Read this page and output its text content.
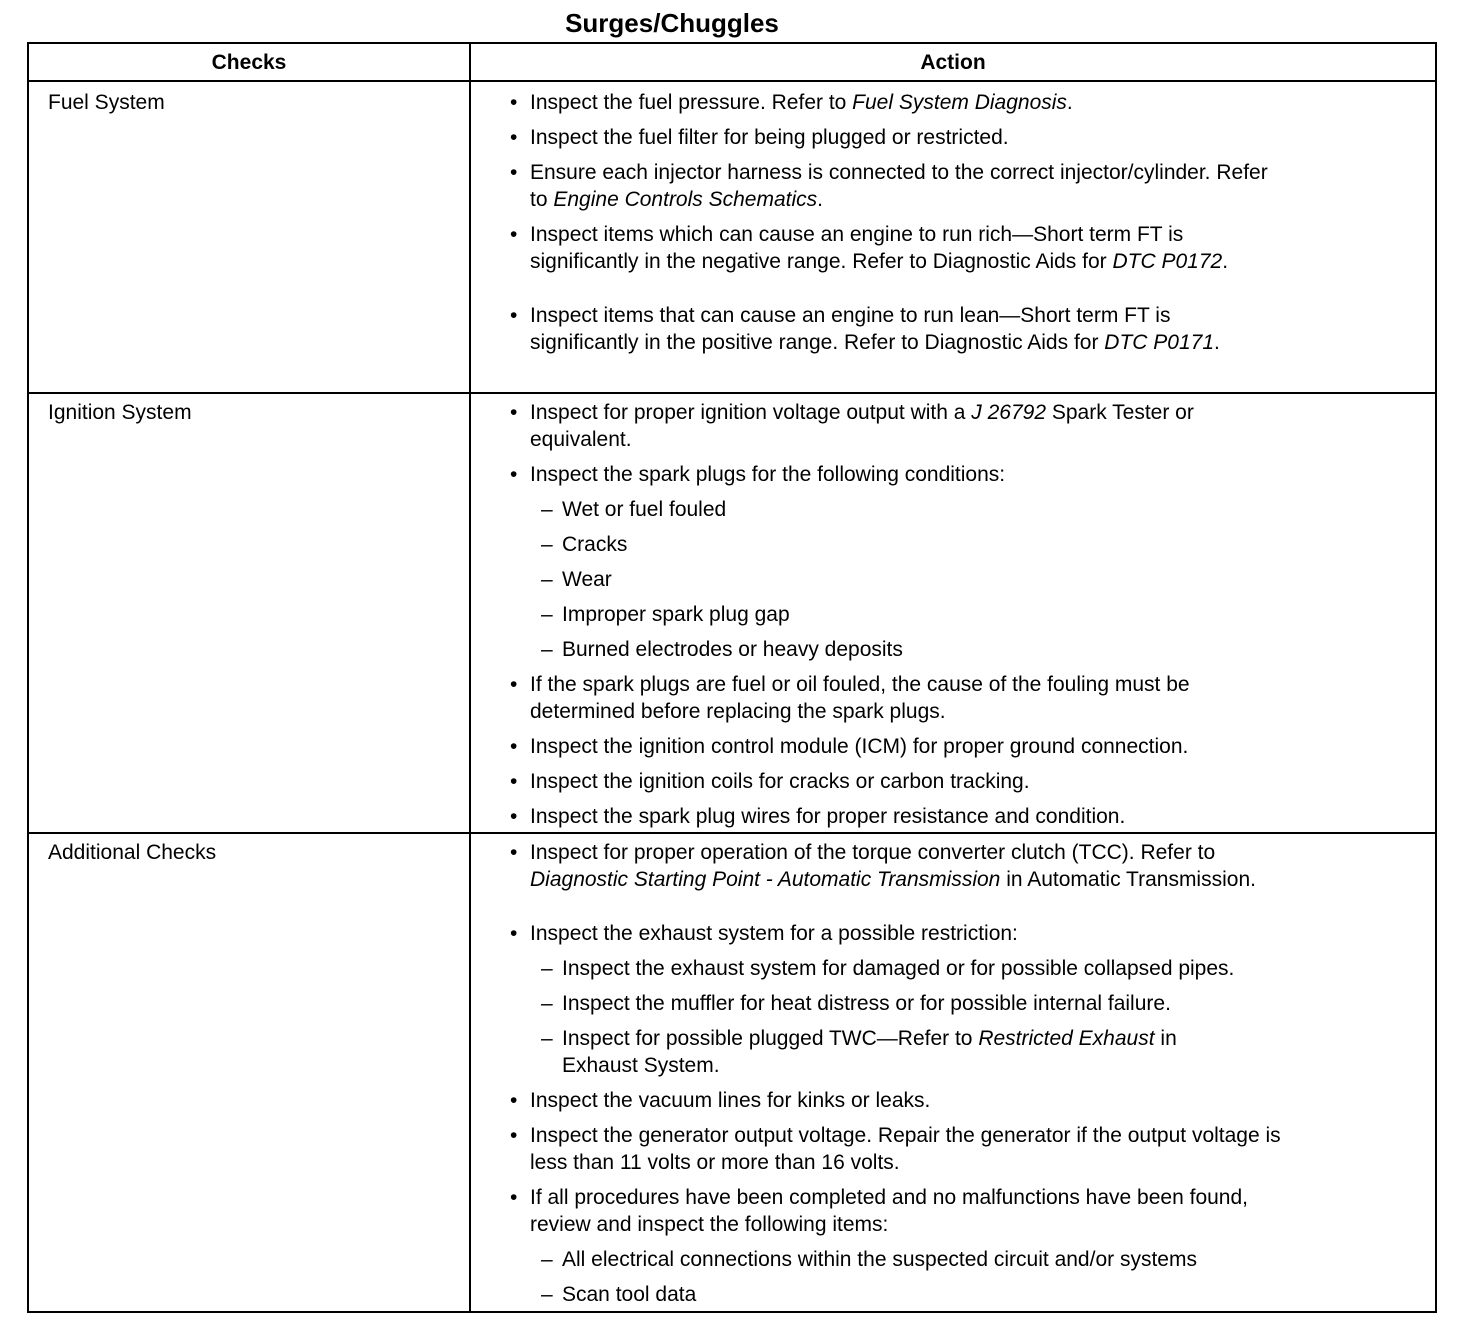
Surges/Chuggles
Checks	Action
Fuel System	• Inspect the fuel pressure. Refer to Fuel System Diagnosis.
• Inspect the fuel filter for being plugged or restricted.
• Ensure each injector harness is connected to the correct injector/cylinder. Refer
to Engine Controls Schematics.
• Inspect items which can cause an engine to run rich—Short term FT is
significantly in the negative range. Refer to Diagnostic Aids for DTC P0172.
• Inspect items that can cause an engine to run lean—Short term FT is
significantly in the positive range. Refer to Diagnostic Aids for DTC P0171.
Ignition System	• Inspect for proper ignition voltage output with a J 26792 Spark Tester or
equivalent.
• Inspect the spark plugs for the following conditions:
– Wet or fuel fouled
– Cracks
– Wear
– Improper spark plug gap
– Burned electrodes or heavy deposits
• If the spark plugs are fuel or oil fouled, the cause of the fouling must be
determined before replacing the spark plugs.
• Inspect the ignition control module (ICM) for proper ground connection.
• Inspect the ignition coils for cracks or carbon tracking.
• Inspect the spark plug wires for proper resistance and condition.
Additional Checks	• Inspect for proper operation of the torque converter clutch (TCC). Refer to
Diagnostic Starting Point - Automatic Transmission in Automatic Transmission.
• Inspect the exhaust system for a possible restriction:
– Inspect the exhaust system for damaged or for possible collapsed pipes.
– Inspect the muffler for heat distress or for possible internal failure.
– Inspect for possible plugged TWC—Refer to Restricted Exhaust in
Exhaust System.
• Inspect the vacuum lines for kinks or leaks.
• Inspect the generator output voltage. Repair the generator if the output voltage is
less than 11 volts or more than 16 volts.
• If all procedures have been completed and no malfunctions have been found,
review and inspect the following items:
– All electrical connections within the suspected circuit and/or systems
– Scan tool data
